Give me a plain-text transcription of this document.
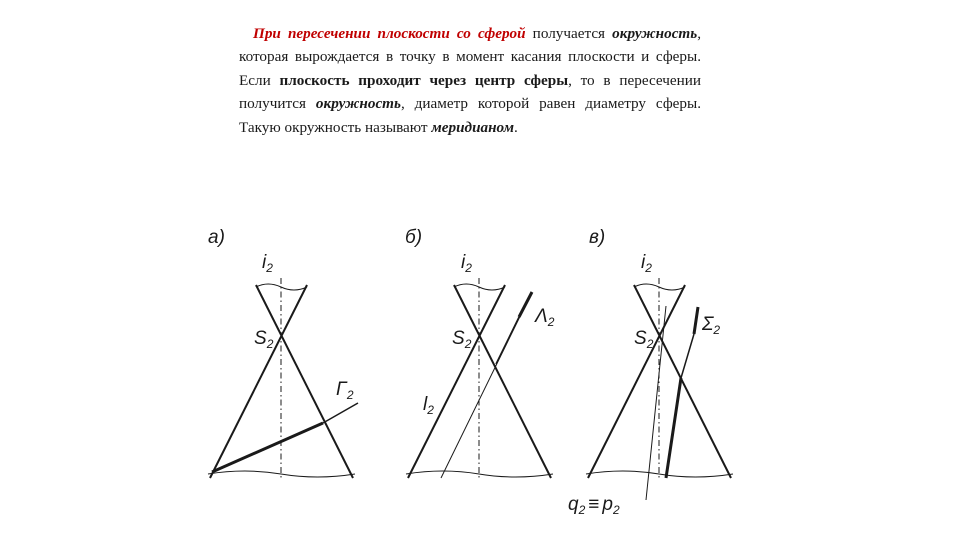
При пересечении плоскости со сферой получается окружность, которая вырождается в точку в момент касания плоскости и сферы. Если плоскость проходит через центр сферы, то в пересечении получится окружность, диаметр которой равен диаметру сферы. Такую окружность называют меридианом.
а)
$i_2$
$S_2$
$\Gamma_2$
б)
$i_2$
$S_2$
$\Lambda_2$
$l_2$
в)
$i_2$
$S_2$
$\Sigma_2$
$q_2 \equiv p_2$
